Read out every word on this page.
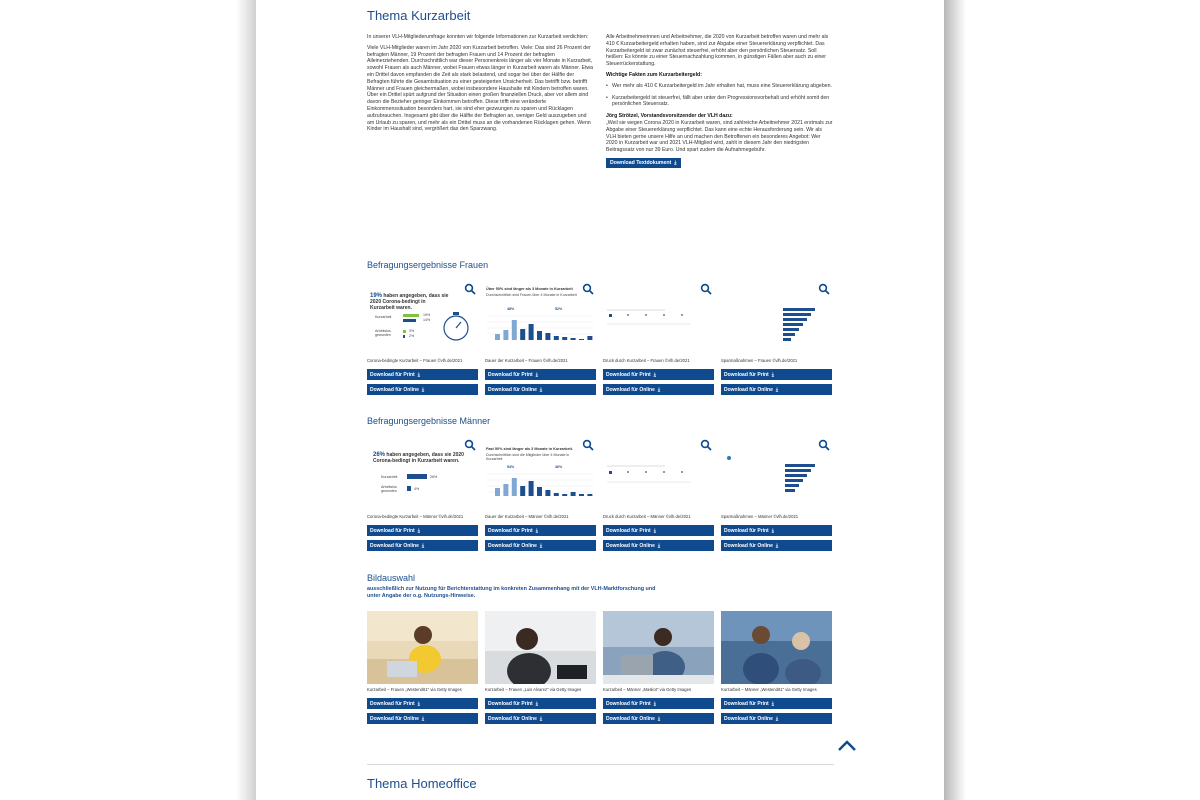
Thema Kurzarbeit

In unserer VLH-Mitgliederumfrage konnten wir folgende Informationen zur Kurzarbeit verdichten:

Viele VLH-Mitglieder waren im Jahr 2020 von Kurzarbeit betroffen. Viele: Das sind 26 Prozent der befragten Männer, 19 Prozent der befragten Frauen und 14 Prozent der befragten Alleinerziehenden. Durchschnittlich war dieser Personenkreis länger als vier Monate in Kurzarbeit, sowohl Frauen als auch Männer, wobei Frauen etwas länger in Kurzarbeit waren als Männer. Etwa ein Drittel davon empfanden die Zeit als stark belastend, und sogar bei über der Hälfte der Befragten führte die Gesamtsituation zu einer gesteigerten Unsicherheit. Das betrifft bzw. betrifft Männer und Frauen gleichermaßen, wobei insbesondere Haushalte mit Kindern betroffen waren. Über ein Drittel spürt aufgrund der Situation einen großen finanziellen Druck, aber vor allem sind davon die Bezieher geringer Einkommen betroffen. Diese trifft eine veränderte Einkommenssituation besonders hart, sie sind eher gezwungen zu sparen und Rücklagen aufzubrauchen. Insgesamt gibt über die Hälfte der Befragten an, weniger Geld auszugeben und am Urlaub zu sparen, und mehr als ein Drittel muss an die vorhandenen Rücklagen gehen. Wenn Kinder im Haushalt sind, vergrößert das den Sparzwang.

Alle Arbeitnehmerinnen und Arbeitnehmer, die 2020 von Kurzarbeit betroffen waren und mehr als 410 € Kurzarbeitergeld erhalten haben, sind zur Abgabe einer Steuererklärung verpflichtet. Das Kurzarbeitergeld ist zwar zunächst steuerfrei, erhöht aber den persönlichen Steuersatz. Soll heißen: Es könnte zu einer Steuernachzahlung kommen, in günstigen Fällen aber auch zu einer Steuerrückerstattung.

Wichtige Fakten zum Kurzarbeitergeld:

• Wer mehr als 410 € Kurzarbeitergeld im Jahr erhalten hat, muss eine Steuererklärung abgeben.
• Kurzarbeitergeld ist steuerfrei, fällt aber unter den Progressionsvorbehalt und erhöht somit den persönlichen Steuersatz.

Jörg Strötzel, Vorstandsvorsitzender der VLH dazu:

„Weil sie wegen Corona 2020 in Kurzarbeit waren, sind zahlreiche Arbeitnehmer 2021 erstmals zur Abgabe einer Steuererklärung verpflichtet. Das kann eine echte Herausforderung sein. Wir als VLH bieten gerne unsere Hilfe an und machen den Betroffenen ein besonderes Angebot: Wer 2020 in Kurzarbeit war und 2021 VLH-Mitglied wird, zahlt in diesem Jahr den niedrigsten Beitragssatz von nur 39 Euro. Und spart zudem die Aufnahmegebühr.

Download Textdokument ⤓
Befragungsergebnisse Frauen
19% haben angegeben, dass sie 2020 Corona-bedingt in Kurzarbeit waren.
Kurzarbeit	19%
14%
Arbeitslos geworden
3%
2%
Corona-bedingte Kurzarbeit – Frauen ©vlh.de/2021
Download für Print ⤓
Download für Online ⤓
Über 50% sind länger als 3 Monate in Kurzarbeit
Durchschnittlich sind Frauen über 4 Monate in Kurzarbeit
48%	52%
Dauer der Kurzarbeit – Frauen ©vlh.de/2021
Download für Print ⤓
Download für Online ⤓
Druck durch Kurzarbeit – Frauen ©vlh.de/2021
Download für Print ⤓
Download für Online ⤓
Sparmaßnahmen – Frauen ©vlh.de/2021
Download für Print ⤓
Download für Online ⤓
Befragungsergebnisse Männer
26% haben angegeben, dass sie 2020 Corona-bedingt in Kurzarbeit waren.
Kurzarbeit	26%
Arbeitslos geworden	4%
Corona-bedingte Kurzarbeit – Männer ©vlh.de/2021
Download für Print ⤓
Download für Online ⤓
Fast 50% sind länger als 3 Monate in Kurzarbeit.
Durchschnittlich sind die Mitglieder über 4 Monate in Kurzarbeit
54%	46%
Dauer der Kurzarbeit – Männer ©vlh.de/2021
Download für Print ⤓
Download für Online ⤓
Druck durch Kurzarbeit – Männer ©vlh.de/2021
Download für Print ⤓
Download für Online ⤓
Sparmaßnahmen – Männer ©vlh.de/2021
Download für Print ⤓
Download für Online ⤓
Bildauswahl
ausschließlich zur Nutzung für Berichterstattung im konkreten Zusammenhang mit der VLH-Marktforschung und unter Angabe der o.g. Nutzungs-Hinweise.
Kurzarbeit – Frauen „Westend61" via Getty Images
Download für Print ⤓
Download für Online ⤓
Kurzarbeit – Frauen „Luis Alvarez" via Getty Images
Download für Print ⤓
Download für Online ⤓
Kurzarbeit – Männer „Maskot" via Getty Images
Download für Print ⤓
Download für Online ⤓
Kurzarbeit – Männer „Westend61" via Getty Images
Download für Print ⤓
Download für Online ⤓
Thema Homeoffice
